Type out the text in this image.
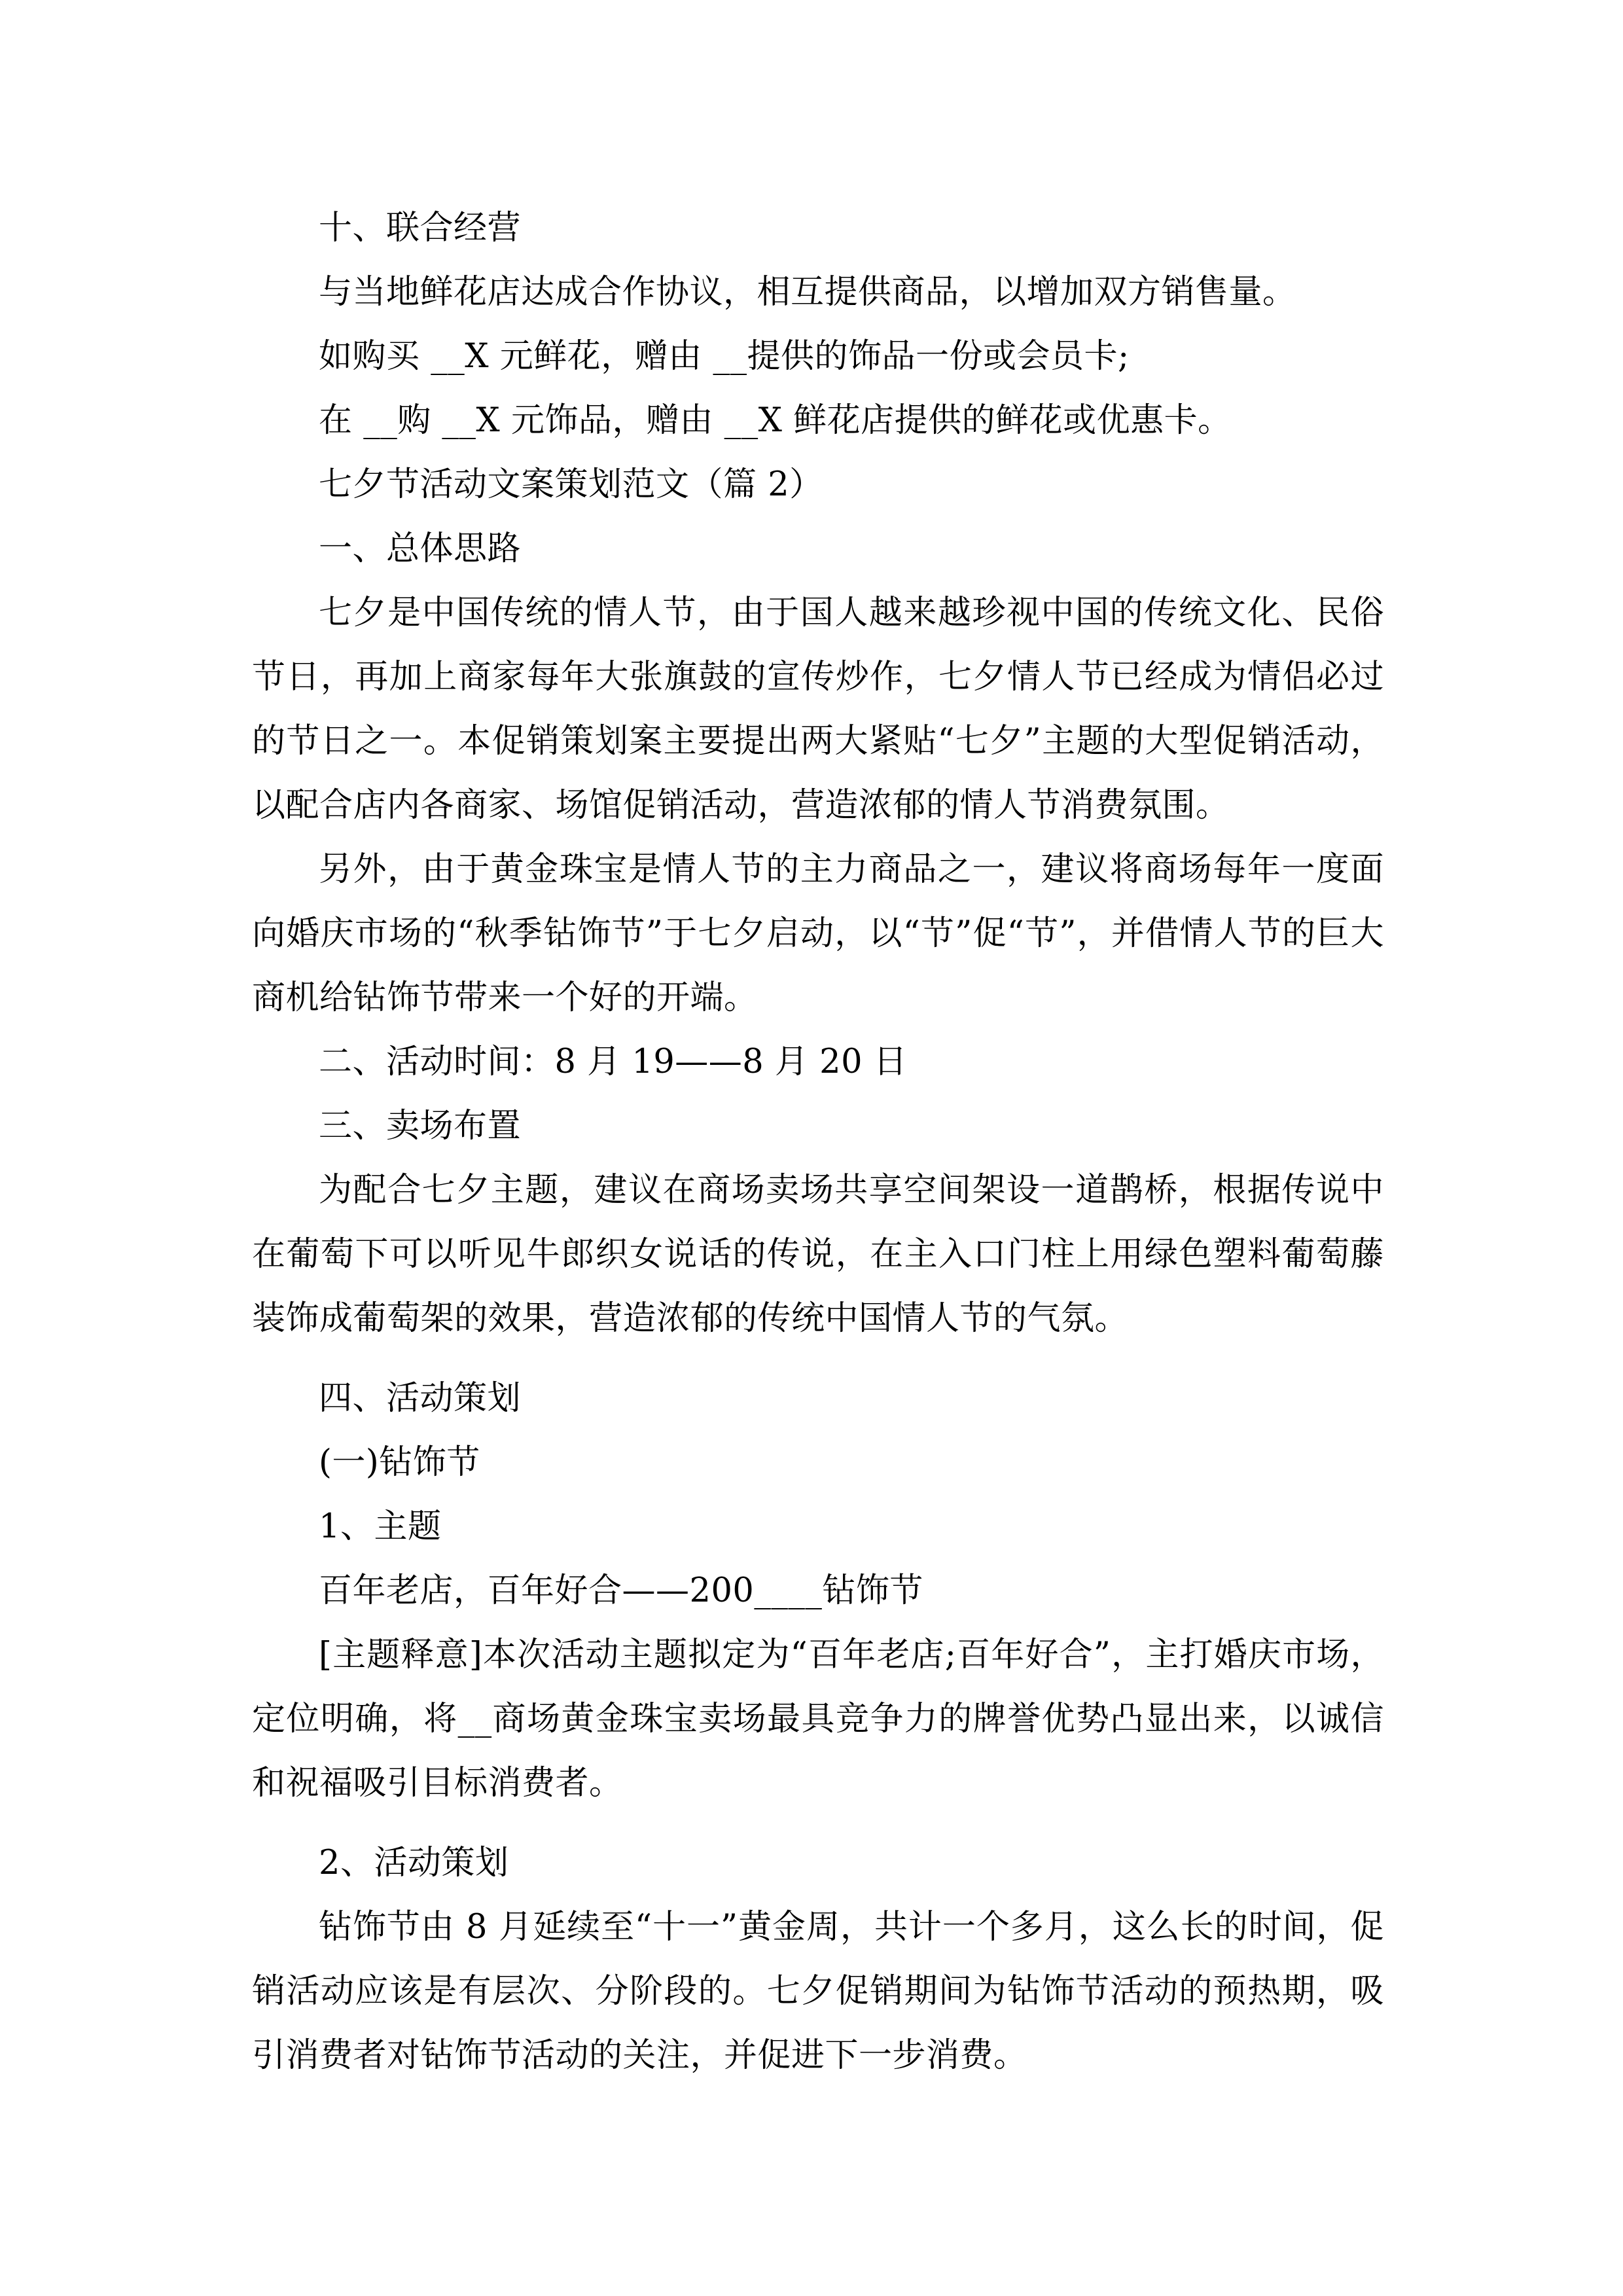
十、联合经营

与当地鲜花店达成合作协议，相互提供商品，以增加双方销售量。

如购买 __X 元鲜花，赠由 __提供的饰品一份或会员卡;

在 __购 __X 元饰品，赠由 __X 鲜花店提供的鲜花或优惠卡。

七夕节活动文案策划范文（篇 2）

一、总体思路

七夕是中国传统的情人节，由于国人越来越珍视中国的传统文化、民俗节日，再加上商家每年大张旗鼓的宣传炒作，七夕情人节已经成为情侣必过的节日之一。本促销策划案主要提出两大紧贴“七夕”主题的大型促销活动，以配合店内各商家、场馆促销活动，营造浓郁的情人节消费氛围。

另外，由于黄金珠宝是情人节的主力商品之一，建议将商场每年一度面向婚庆市场的“秋季钻饰节”于七夕启动，以“节”促“节”，并借情人节的巨大商机给钻饰节带来一个好的开端。

二、活动时间：8 月 19——8 月 20 日

三、卖场布置

为配合七夕主题，建议在商场卖场共享空间架设一道鹊桥，根据传说中在葡萄下可以听见牛郎织女说话的传说，在主入口门柱上用绿色塑料葡萄藤装饰成葡萄架的效果，营造浓郁的传统中国情人节的气氛。

四、活动策划

(一)钻饰节

1、主题

百年老店，百年好合——200____钻饰节

[主题释意]本次活动主题拟定为“百年老店;百年好合”，主打婚庆市场，定位明确，将__商场黄金珠宝卖场最具竞争力的牌誉优势凸显出来，以诚信和祝福吸引目标消费者。

2、活动策划

钻饰节由 8 月延续至“十一”黄金周，共计一个多月，这么长的时间，促销活动应该是有层次、分阶段的。七夕促销期间为钻饰节活动的预热期，吸引消费者对钻饰节活动的关注，并促进下一步消费。
